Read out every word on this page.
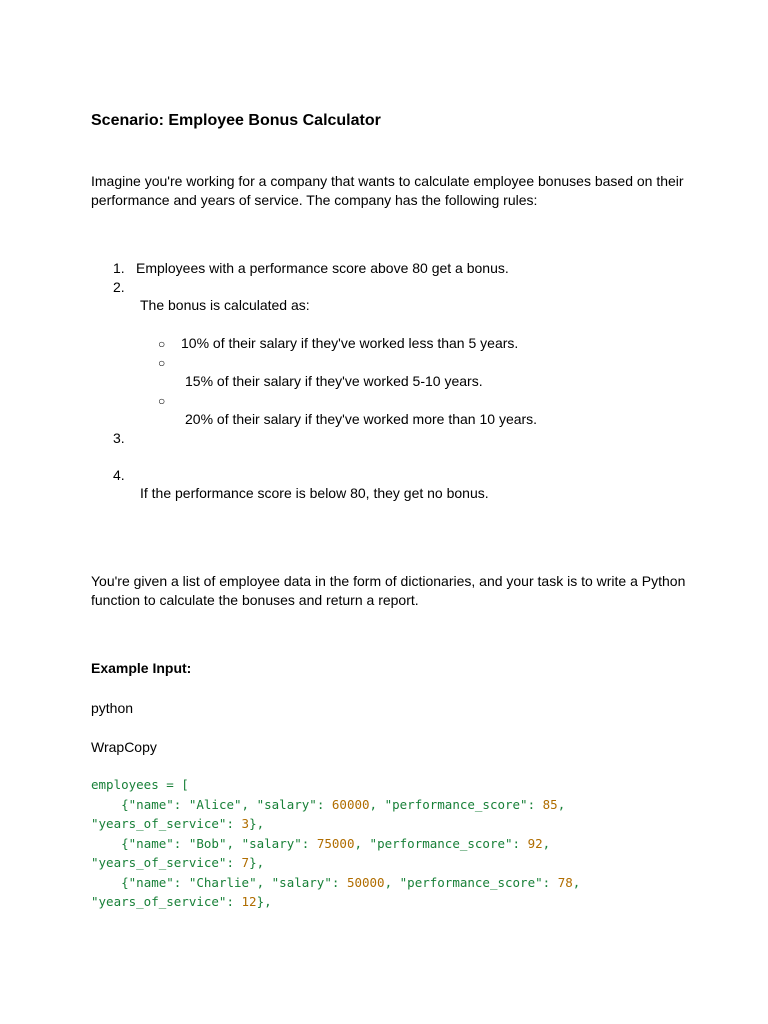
Scenario: Employee Bonus Calculator
Imagine you're working for a company that wants to calculate employee bonuses based on their
performance and years of service. The company has the following rules:
1. Employees with a performance score above 80 get a bonus.
2.
The bonus is calculated as:
○ 10% of their salary if they've worked less than 5 years.
○
15% of their salary if they've worked 5-10 years.
○
20% of their salary if they've worked more than 10 years.
3.
4.
If the performance score is below 80, they get no bonus.
You're given a list of employee data in the form of dictionaries, and your task is to write a Python
function to calculate the bonuses and return a report.
Example Input:
python
WrapCopy
employees = [
{"name": "Alice", "salary": 60000, "performance_score": 85,
"years_of_service": 3},
{"name": "Bob", "salary": 75000, "performance_score": 92,
"years_of_service": 7},
{"name": "Charlie", "salary": 50000, "performance_score": 78,
"years_of_service": 12},
